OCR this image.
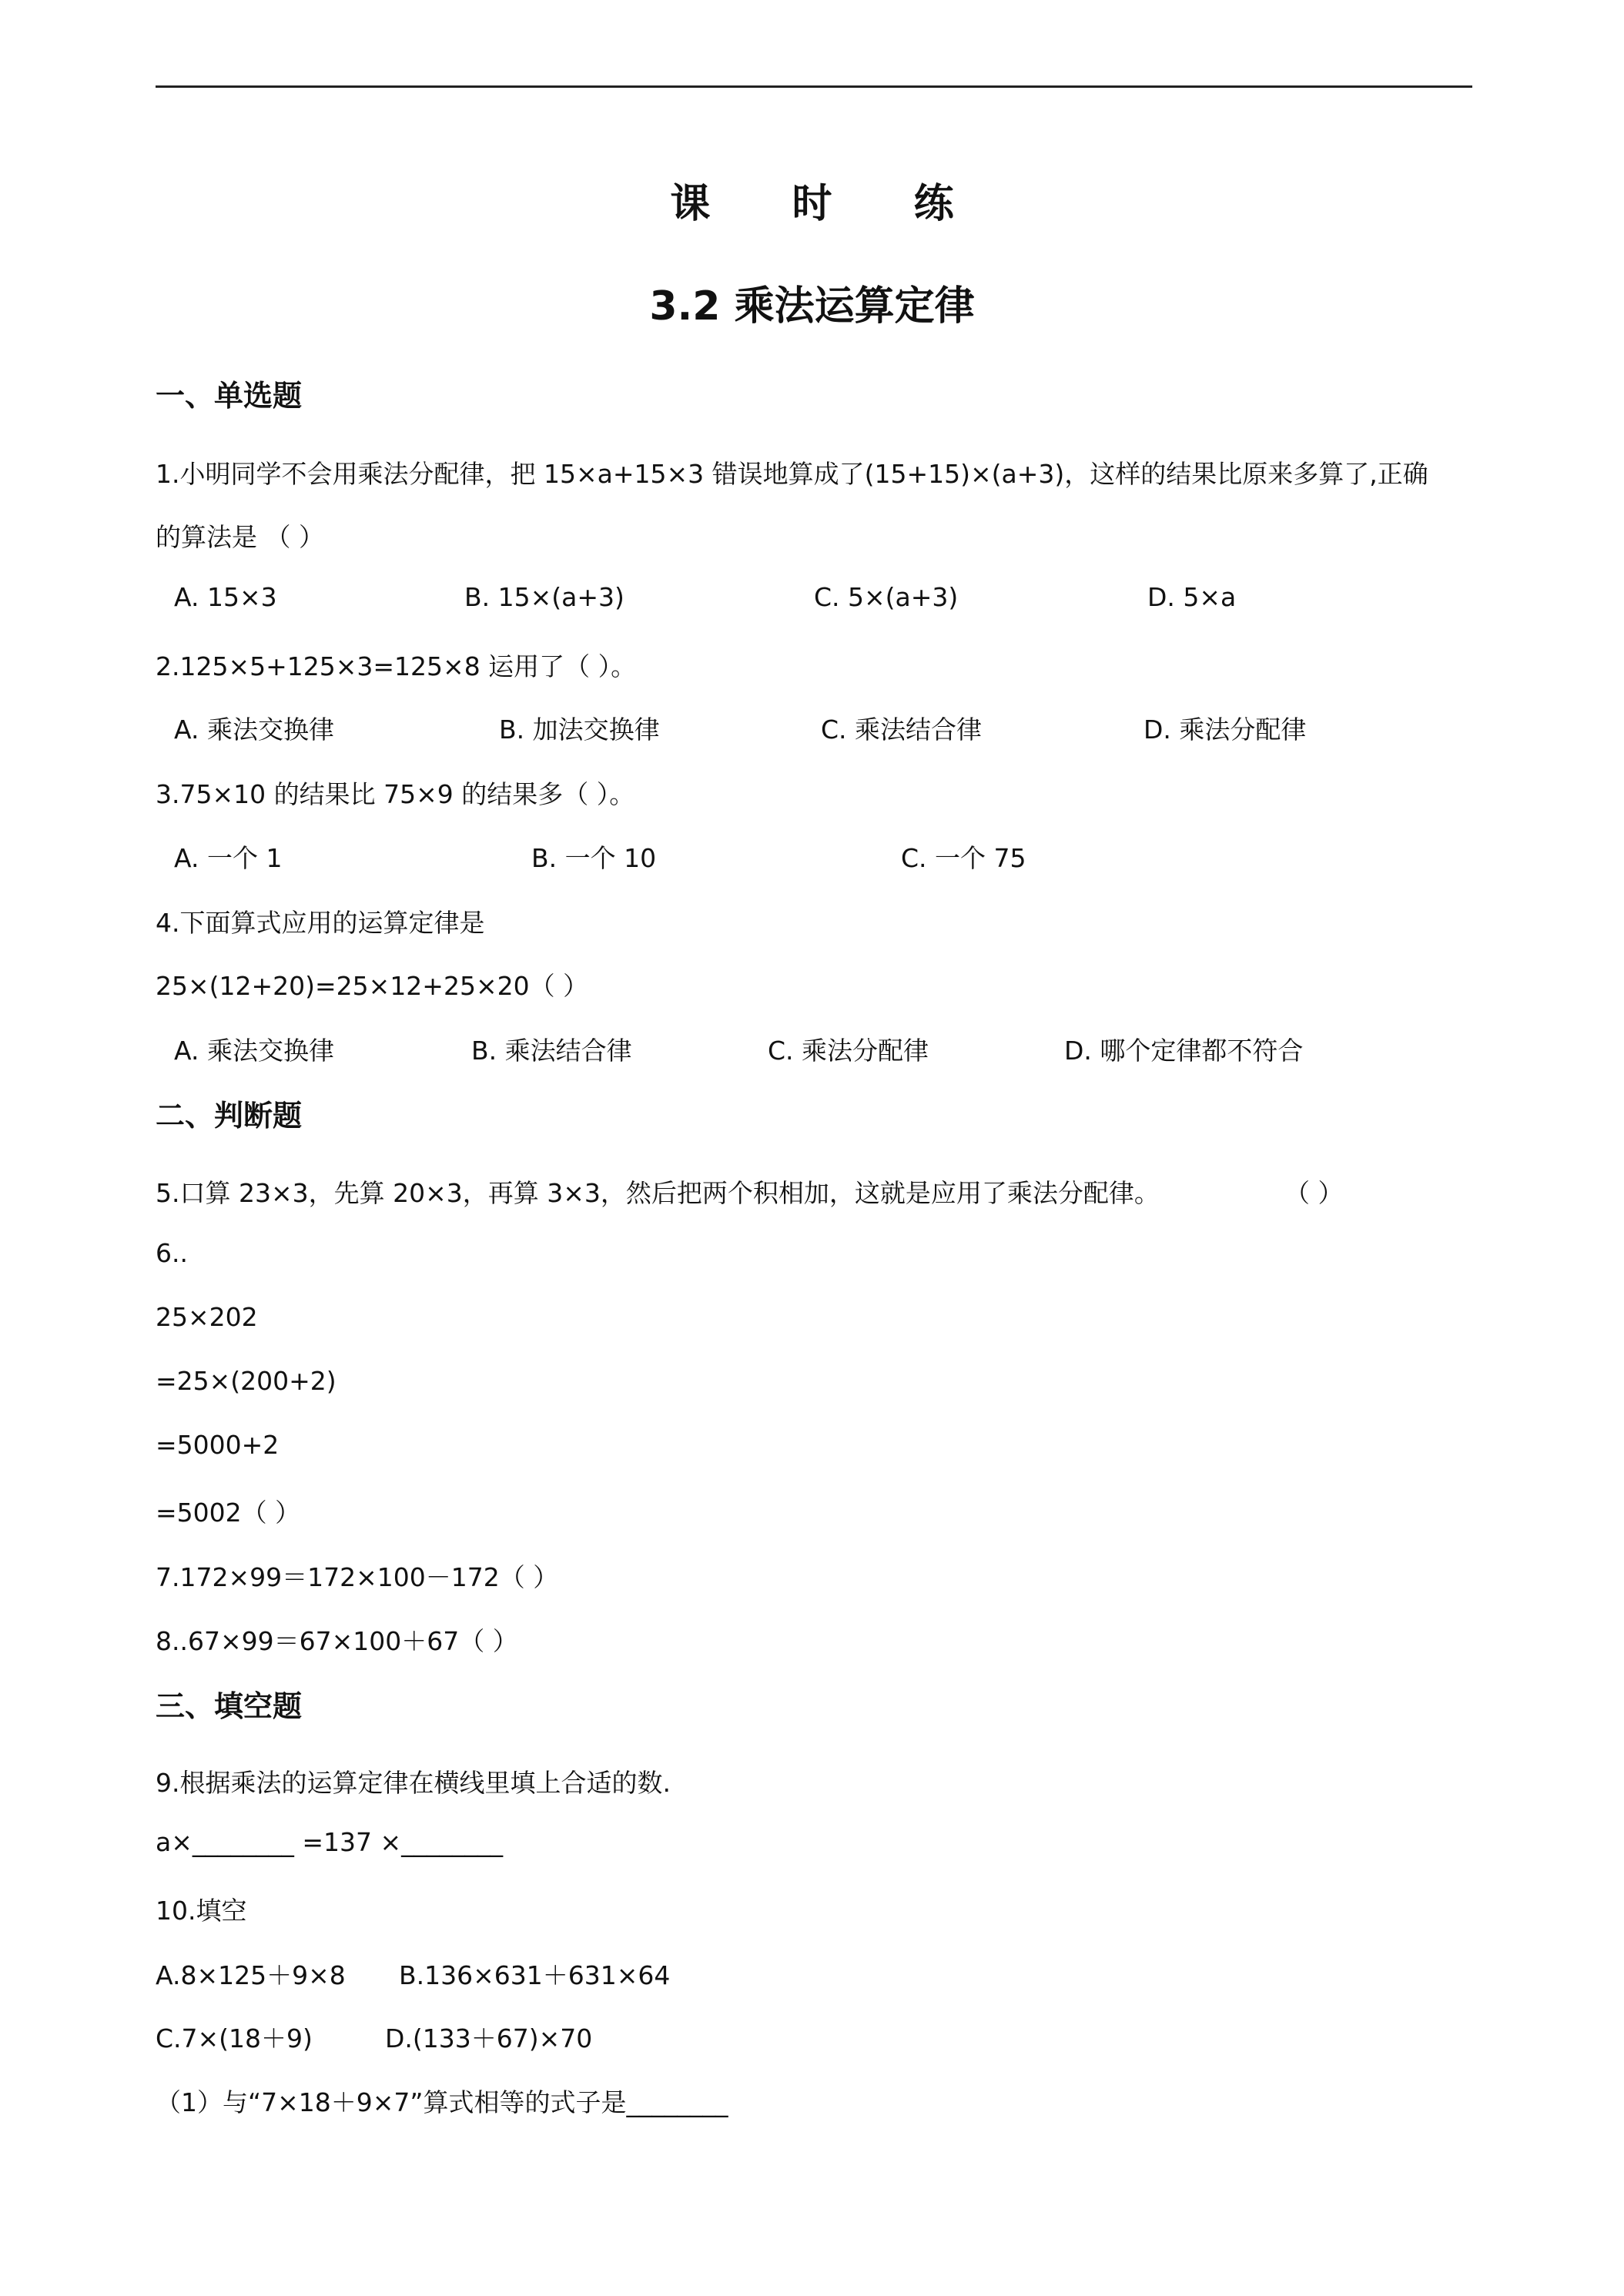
课 时 练
3.2 乘法运算定律
一、单选题
1.小明同学不会用乘法分配律，把 15×a+15×3 错误地算成了(15+15)×(a+3)，这样的结果比原来多算了,正确
的算法是 （ ）
A. 15×3	B. 15×(a+3)	C. 5×(a+3)	D. 5×a
2.125×5+125×3=125×8 运用了（ ）。
A. 乘法交换律	B. 加法交换律	C. 乘法结合律	D. 乘法分配律
3.75×10 的结果比 75×9 的结果多（ ）。
A. 一个 1	B. 一个 10	C. 一个 75
4.下面算式应用的运算定律是
25×(12+20)=25×12+25×20（ ）
A. 乘法交换律	B. 乘法结合律	C. 乘法分配律	D. 哪个定律都不符合
二、判断题
5.口算 23×3，先算 20×3，再算 3×3，然后把两个积相加，这就是应用了乘法分配律。	（ ）
6..
25×202
=25×(200+2)
=5000+2
=5002（ ）
7.172×99＝172×100－172（ ）
8..67×99＝67×100＋67（ ）
三、填空题
9.根据乘法的运算定律在横线里填上合适的数.
a×________ =137 ×________
10.填空
A.8×125＋9×8 B.136×631＋631×64
C.7×(18＋9)	D.(133＋67)×70
（1）与“7×18＋9×7”算式相等的式子是________
